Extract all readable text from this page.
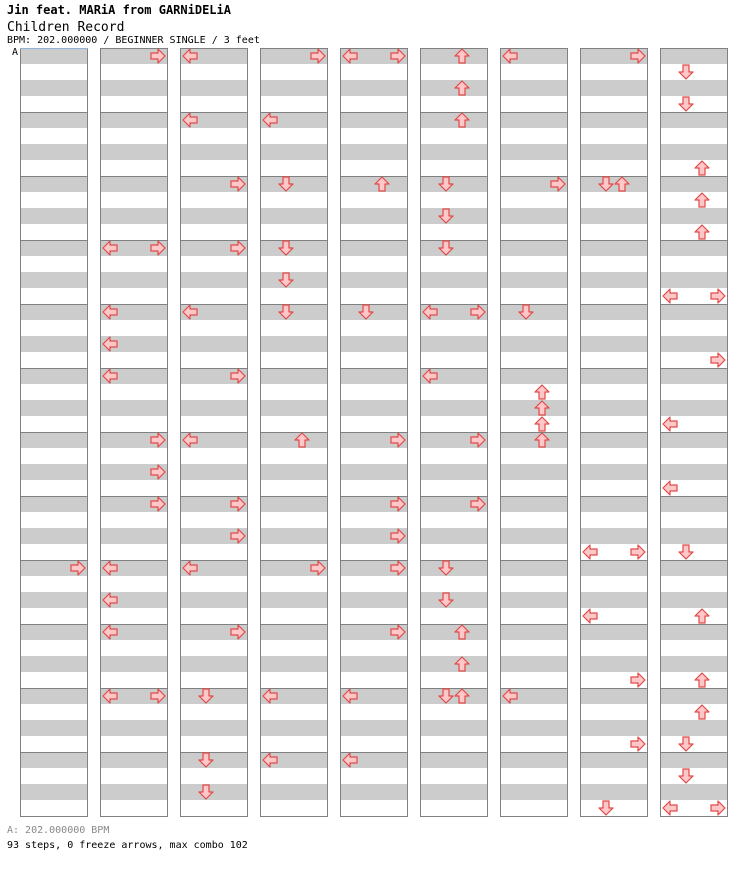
Jin feat. MARiA from GARNiDELiA
Children Record
BPM: 202.000000 / BEGINNER SINGLE / 3 feet
A
A: 202.000000 BPM
93 steps, 0 freeze arrows, max combo 102
